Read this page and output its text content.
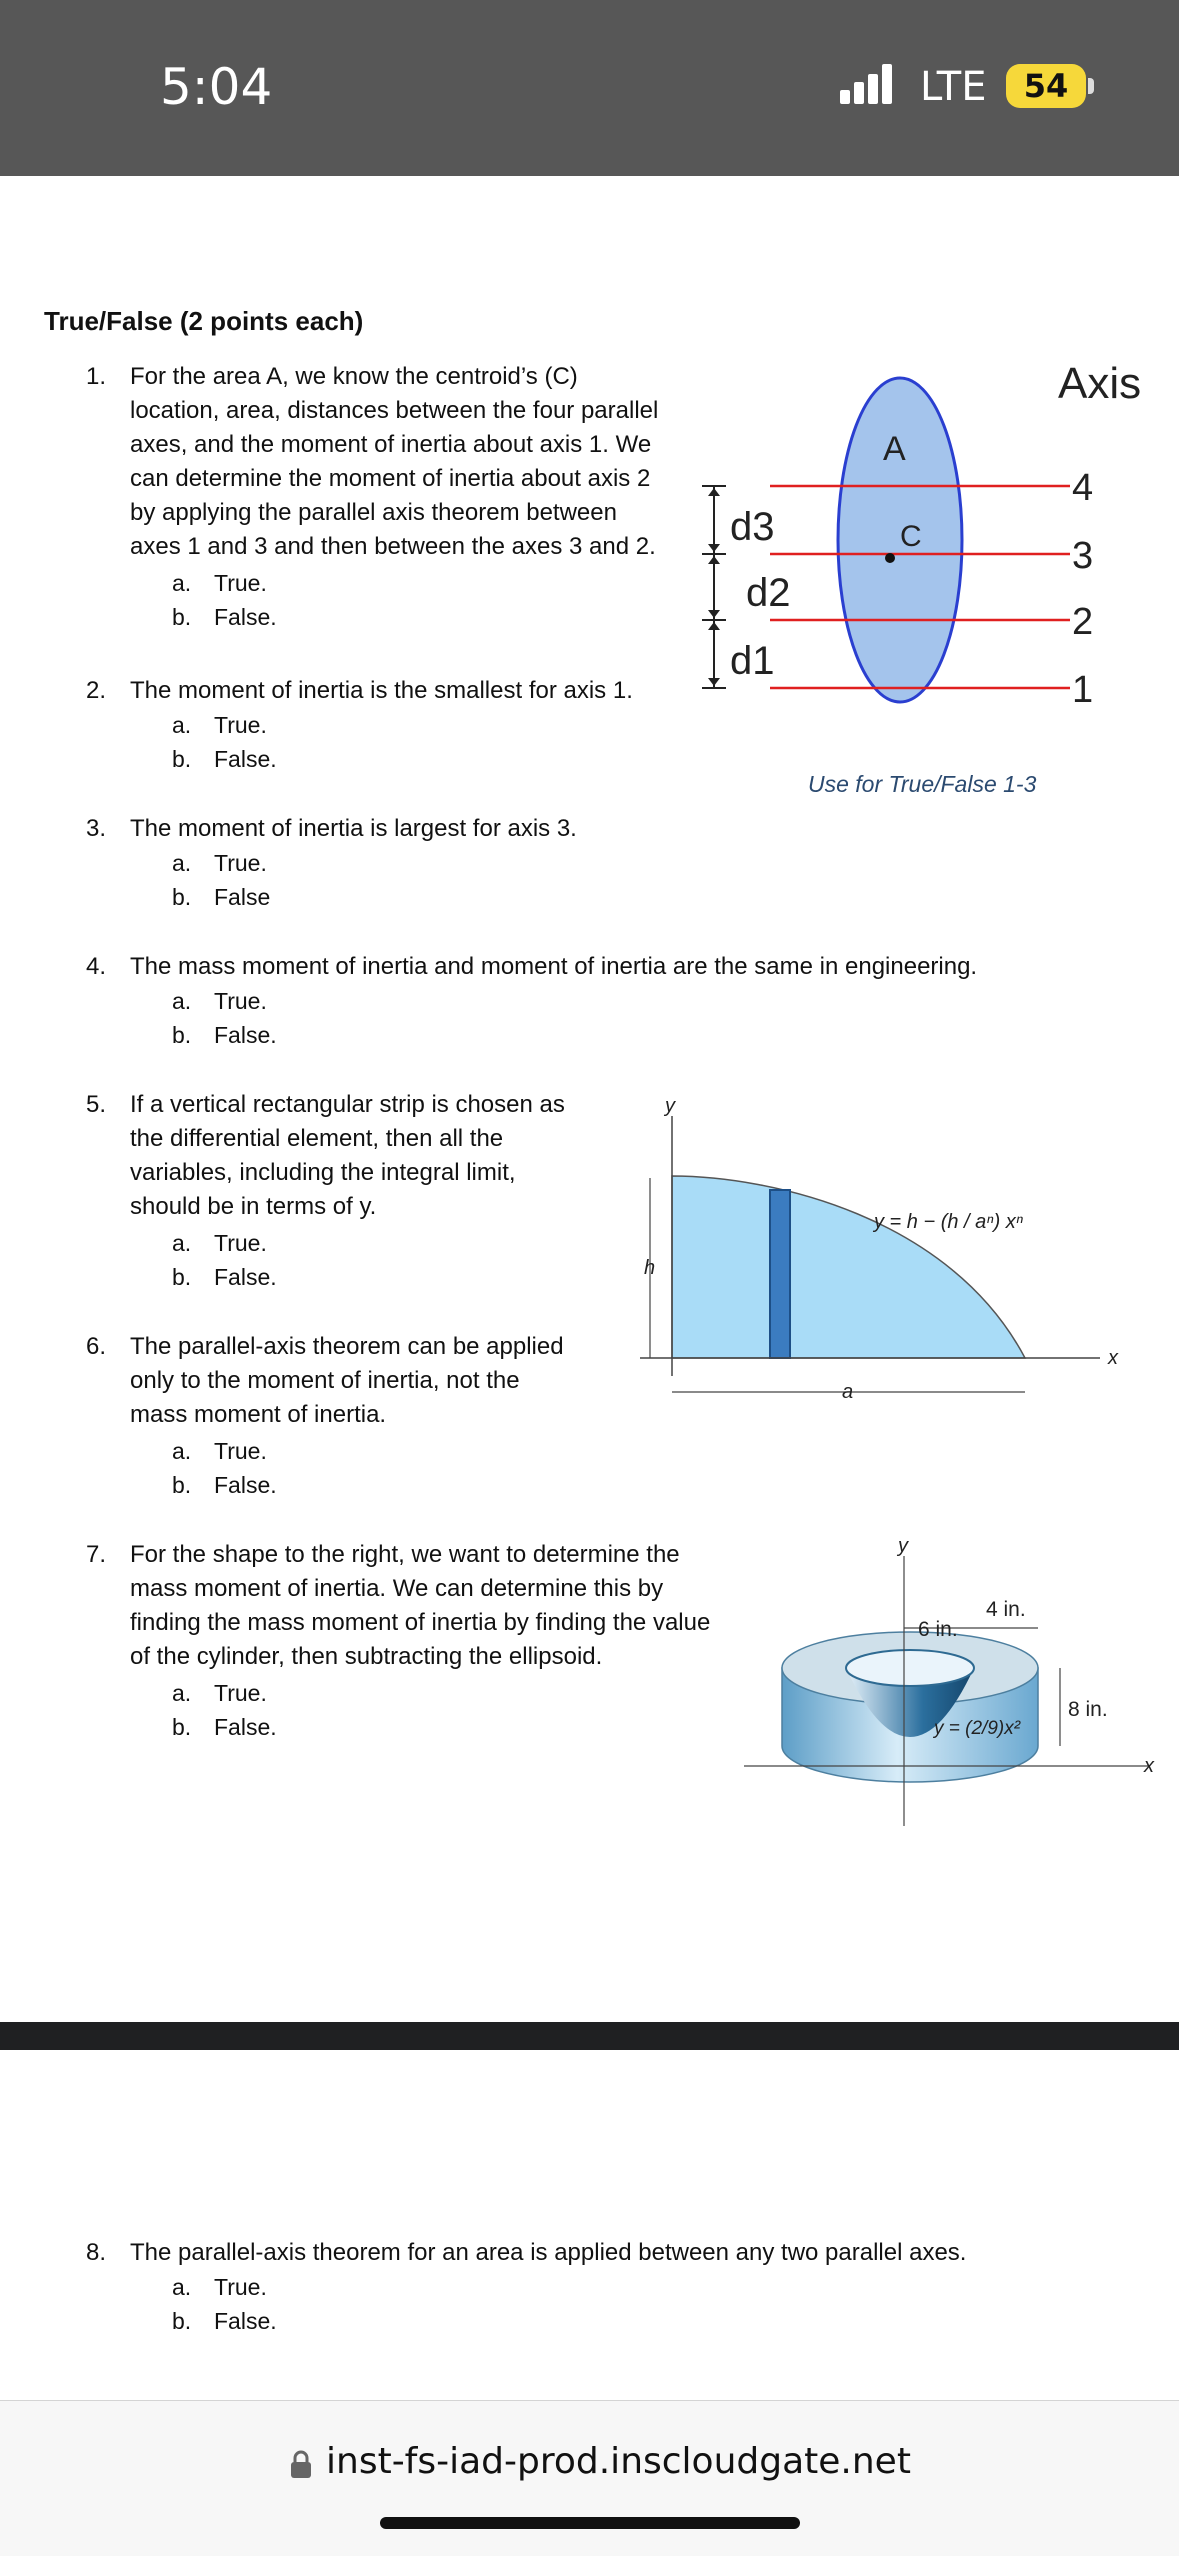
5:04	LTE	54
True/False (2 points each)
1. For the area A, we know the centroid’s (C)
location, area, distances between the four parallel
axes, and the moment of inertia about axis 1. We
can determine the moment of inertia about axis 2
by applying the parallel axis theorem between
axes 1 and 3 and then between the axes 3 and 2.
a. True.
b. False.
2. The moment of inertia is the smallest for axis 1.
a. True.
b. False.
3. The moment of inertia is largest for axis 3.
a. True.
b. False
4. The mass moment of inertia and moment of inertia are the same in engineering.
a. True.
b. False.
5. If a vertical rectangular strip is chosen as
the differential element, then all the
variables, including the integral limit,
should be in terms of y.
a. True.
b. False.
6. The parallel-axis theorem can be applied
only to the moment of inertia, not the
mass moment of inertia.
a. True.
b. False.
7. For the shape to the right, we want to determine the
mass moment of inertia. We can determine this by
finding the mass moment of inertia by finding the value
of the cylinder, then subtracting the ellipsoid.
a. True.
b. False.
d3
d2
d1
A
C
Axis
4
3
2
1
Use for True/False 1-3
y
x
h
a
y = h − (h / aⁿ) xⁿ
y
x
6 in.
4 in.
8 in.
y = (2/9)x²
8. The parallel-axis theorem for an area is applied between any two parallel axes.
a. True.
b. False.
inst-fs-iad-prod.inscloudgate.net
